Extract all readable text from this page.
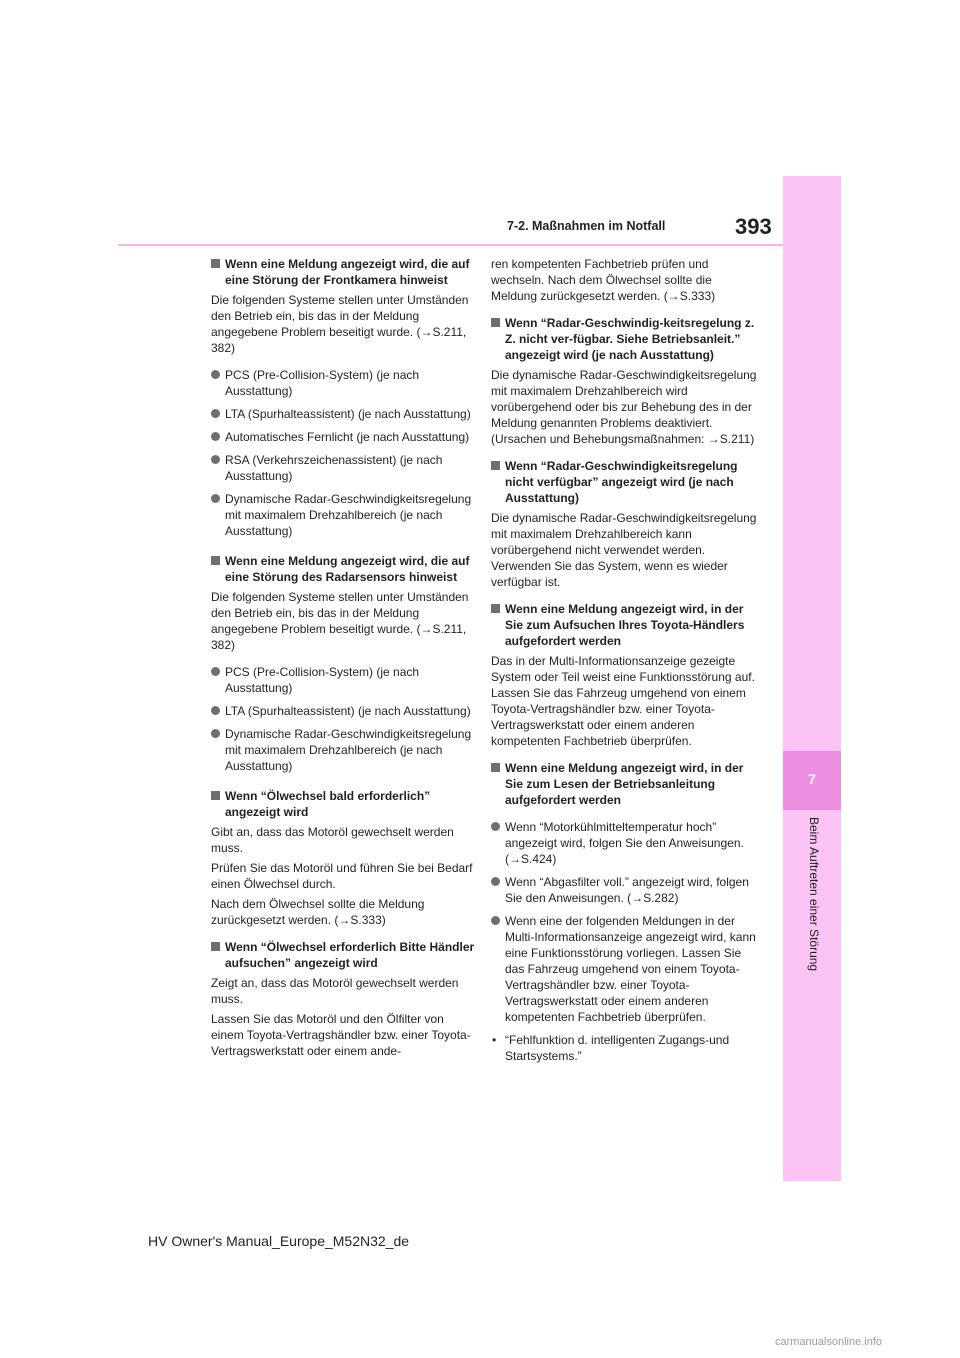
7
Beim Auftreten einer Störung
393
7-2. Maßnahmen im Notfall
Wenn eine Meldung angezeigt wird, die auf eine Störung der Frontkamera hinweist

Die folgenden Systeme stellen unter Umständen den Betrieb ein, bis das in der Meldung angegebene Problem beseitigt wurde. (→S.211, 382)

PCS (Pre-Collision-System) (je nach Ausstattung)
LTA (Spurhalteassistent) (je nach Ausstattung)
Automatisches Fernlicht (je nach Ausstattung)
RSA (Verkehrszeichenassistent) (je nach Ausstattung)
Dynamische Radar-Geschwindigkeitsregelung mit maximalem Drehzahlbereich (je nach Ausstattung)
Wenn eine Meldung angezeigt wird, die auf eine Störung des Radarsensors hinweist

Die folgenden Systeme stellen unter Umständen den Betrieb ein, bis das in der Meldung angegebene Problem beseitigt wurde. (→S.211, 382)

PCS (Pre-Collision-System) (je nach Ausstattung)
LTA (Spurhalteassistent) (je nach Ausstattung)
Dynamische Radar-Geschwindigkeitsregelung mit maximalem Drehzahlbereich (je nach Ausstattung)
Wenn “Ölwechsel bald erforderlich” angezeigt wird

Gibt an, dass das Motoröl gewechselt werden muss.

Prüfen Sie das Motoröl und führen Sie bei Bedarf einen Ölwechsel durch.

Nach dem Ölwechsel sollte die Meldung zurückgesetzt werden. (→S.333)

Wenn “Ölwechsel erforderlich Bitte Händler aufsuchen” angezeigt wird

Zeigt an, dass das Motoröl gewechselt werden muss.

Lassen Sie das Motoröl und den Ölfilter von einem Toyota-Vertragshändler bzw. einer Toyota-Vertragswerkstatt oder einem ande-

ren kompetenten Fachbetrieb prüfen und wechseln. Nach dem Ölwechsel sollte die Meldung zurückgesetzt werden. (→S.333)

Wenn “Radar-Geschwindig-keitsregelung z. Z. nicht ver-fügbar. Siehe Betriebsanleit.” angezeigt wird (je nach Ausstattung)

Die dynamische Radar-Geschwindigkeitsregelung mit maximalem Drehzahlbereich wird vorübergehend oder bis zur Behebung des in der Meldung genannten Problems deaktiviert. (Ursachen und Behebungsmaßnahmen: →S.211)

Wenn “Radar-Geschwindigkeitsregelung nicht verfügbar” angezeigt wird (je nach Ausstattung)

Die dynamische Radar-Geschwindigkeitsregelung mit maximalem Drehzahlbereich kann vorübergehend nicht verwendet werden. Verwenden Sie das System, wenn es wieder verfügbar ist.

Wenn eine Meldung angezeigt wird, in der Sie zum Aufsuchen Ihres Toyota-Händlers aufgefordert werden

Das in der Multi-Informationsanzeige gezeigte System oder Teil weist eine Funktionsstörung auf. Lassen Sie das Fahrzeug umgehend von einem Toyota-Vertragshändler bzw. einer Toyota-Vertragswerkstatt oder einem anderen kompetenten Fachbetrieb überprüfen.

Wenn eine Meldung angezeigt wird, in der Sie zum Lesen der Betriebsanleitung aufgefordert werden
Wenn “Motorkühlmitteltemperatur hoch” angezeigt wird, folgen Sie den Anweisungen. (→S.424)
Wenn “Abgasfilter voll.” angezeigt wird, folgen Sie den Anweisungen. (→S.282)
Wenn eine der folgenden Meldungen in der Multi-Informationsanzeige angezeigt wird, kann eine Funktionsstörung vorliegen. Lassen Sie das Fahrzeug umgehend von einem Toyota-Vertragshändler bzw. einer Toyota-Vertragswerkstatt oder einem anderen kompetenten Fachbetrieb überprüfen.
• “Fehlfunktion d. intelligenten Zugangs-und Startsystems.”
HV Owner's Manual_Europe_M52N32_de
carmanualsonline.info
